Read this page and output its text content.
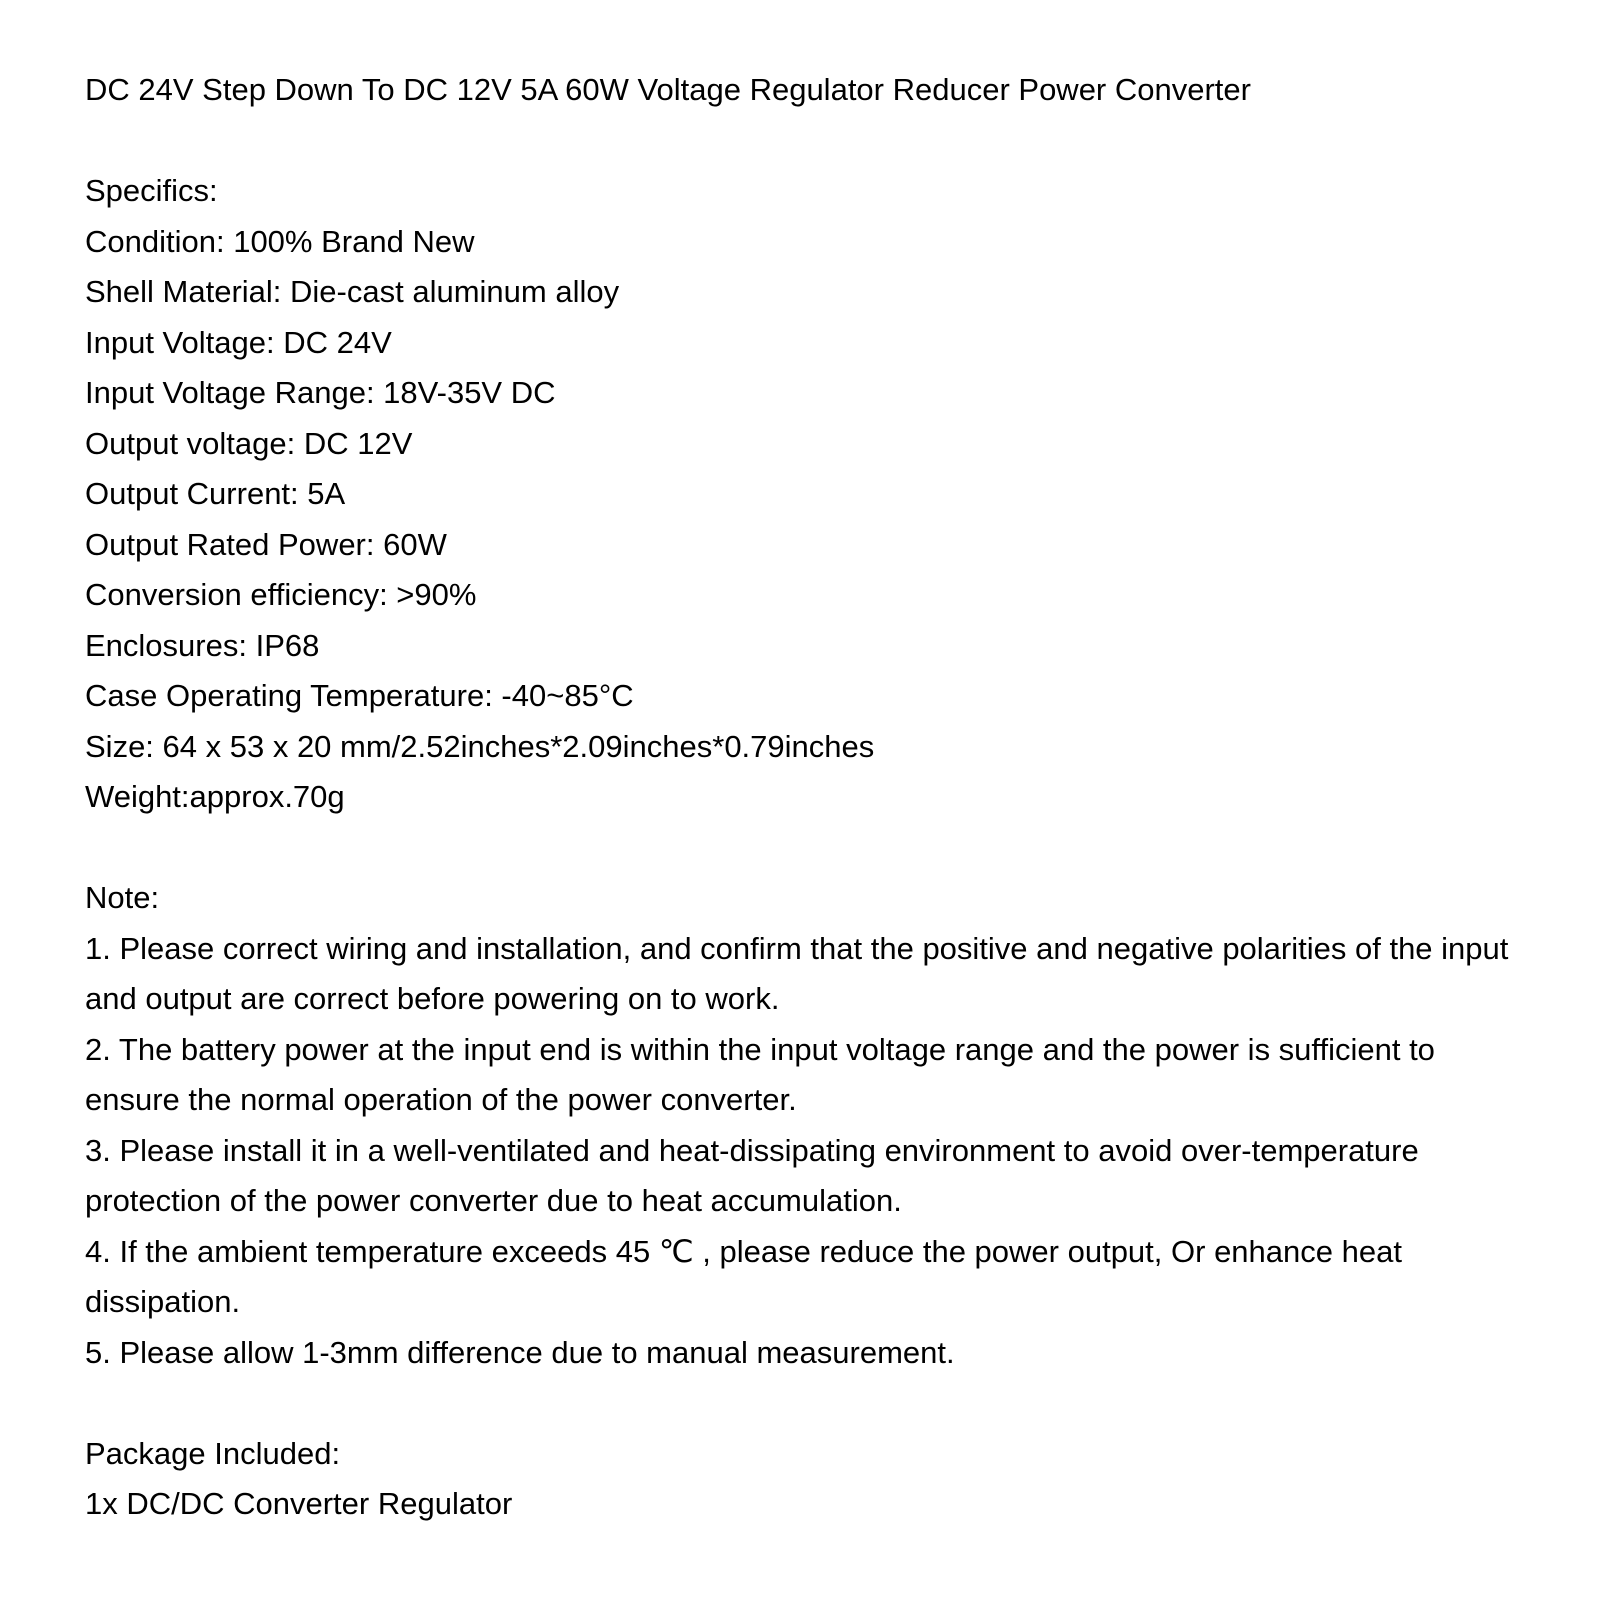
DC 24V Step Down To DC 12V 5A 60W Voltage Regulator Reducer Power Converter
Specifics:
Condition: 100% Brand New
Shell Material: Die-cast aluminum alloy
Input Voltage: DC 24V
Input Voltage Range: 18V-35V DC
Output voltage: DC 12V
Output Current: 5A
Output Rated Power: 60W
Conversion efficiency: >90%
Enclosures: IP68
Case Operating Temperature: -40~85°C
Size: 64 x 53 x 20 mm/2.52inches*2.09inches*0.79inches
Weight:approx.70g
Note:
1. Please correct wiring and installation, and confirm that the positive and negative polarities of the input and output are correct before powering on to work.
2. The battery power at the input end is within the input voltage range and the power is sufficient to ensure the normal operation of the power converter.
3. Please install it in a well-ventilated and heat-dissipating environment to avoid over-temperature protection of the power converter due to heat accumulation.
4. If the ambient temperature exceeds 45 ℃ , please reduce the power output, Or enhance heat dissipation.
5. Please allow 1-3mm difference due to manual measurement.
Package Included:
1x DC/DC Converter Regulator
